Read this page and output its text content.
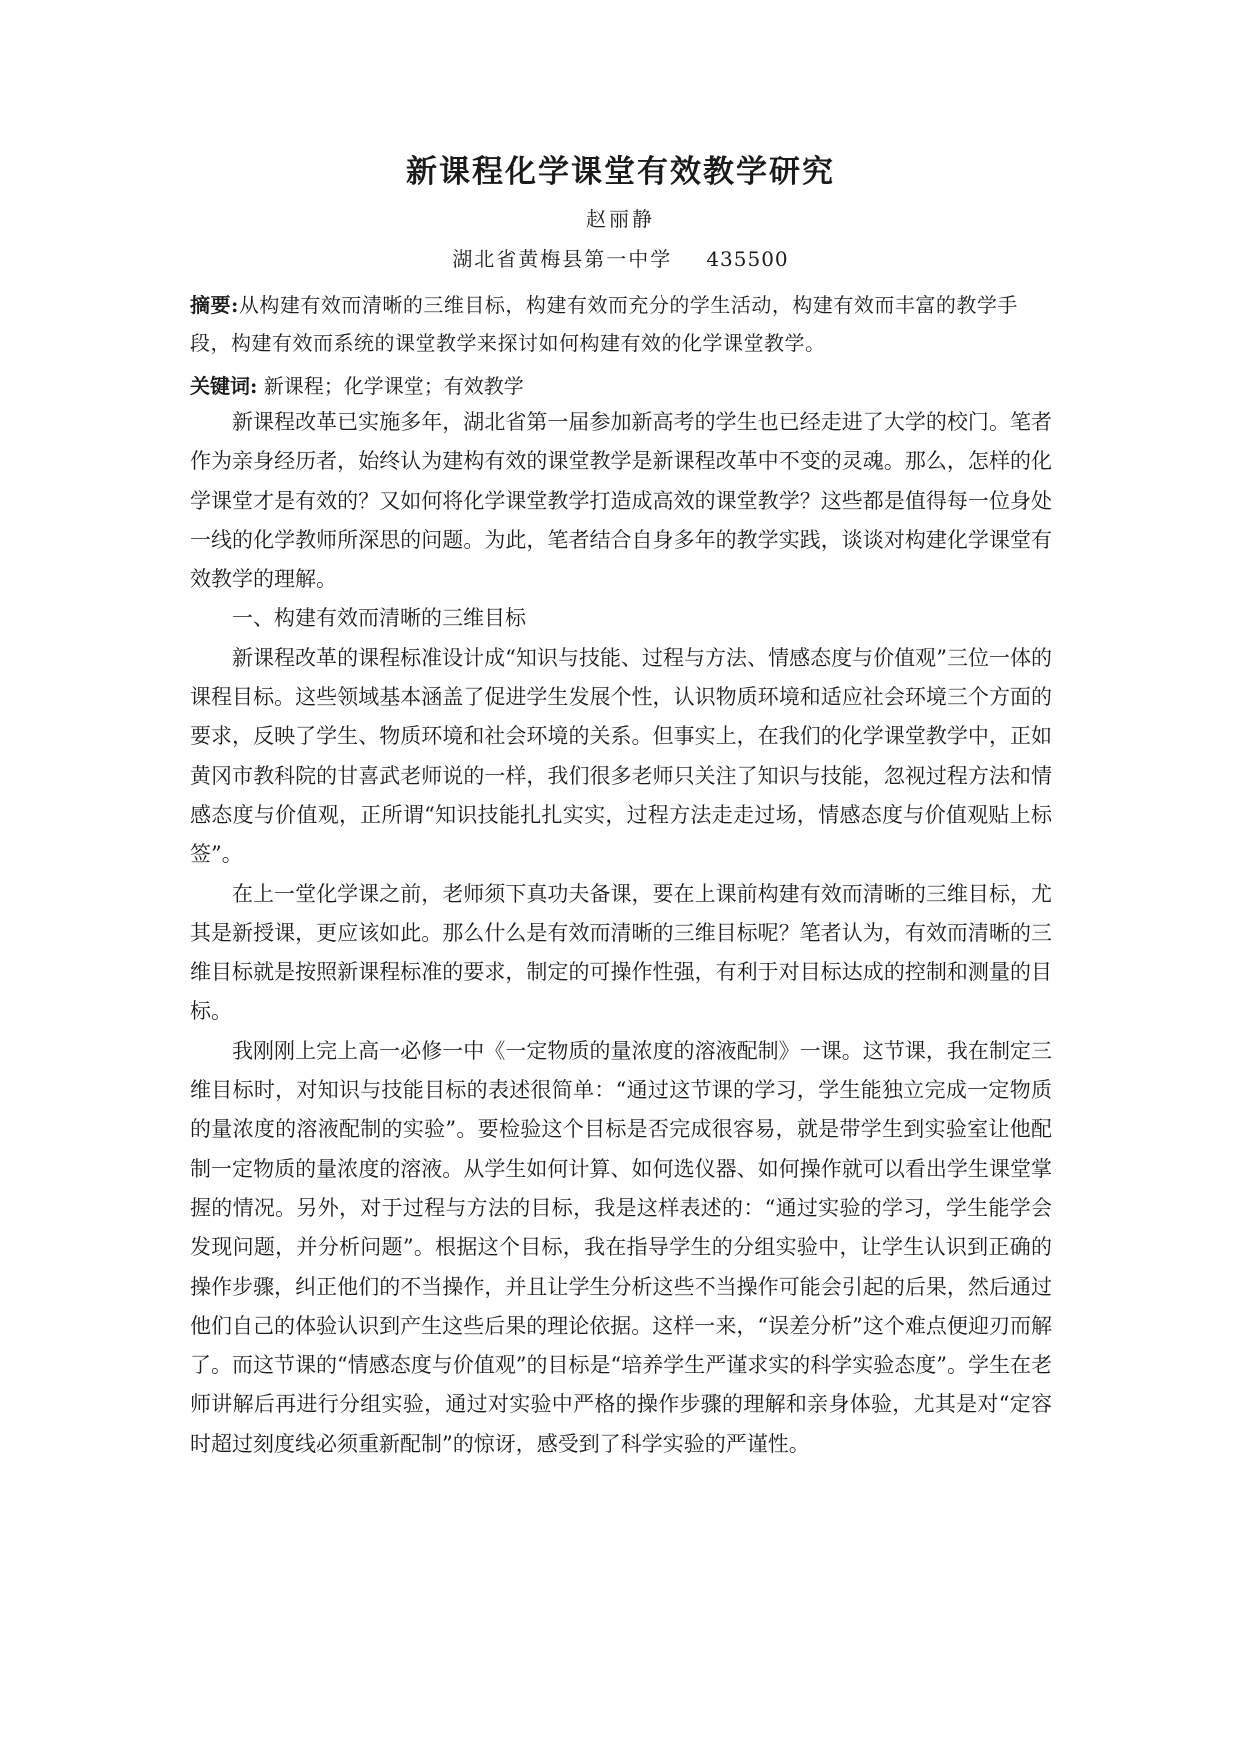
新课程化学课堂有效教学研究
赵丽静
湖北省黄梅县第一中学 435500
摘要:从构建有效而清晰的三维目标，构建有效而充分的学生活动，构建有效而丰富的教学手段，构建有效而系统的课堂教学来探讨如何构建有效的化学课堂教学。
关键词: 新课程；化学课堂；有效教学

新课程改革已实施多年，湖北省第一届参加新高考的学生也已经走进了大学的校门。笔者作为亲身经历者，始终认为建构有效的课堂教学是新课程改革中不变的灵魂。那么，怎样的化学课堂才是有效的？又如何将化学课堂教学打造成高效的课堂教学？这些都是值得每一位身处一线的化学教师所深思的问题。为此，笔者结合自身多年的教学实践，谈谈对构建化学课堂有效教学的理解。

一、构建有效而清晰的三维目标

新课程改革的课程标准设计成“知识与技能、过程与方法、情感态度与价值观”三位一体的课程目标。这些领域基本涵盖了促进学生发展个性，认识物质环境和适应社会环境三个方面的要求，反映了学生、物质环境和社会环境的关系。但事实上，在我们的化学课堂教学中，正如黄冈市教科院的甘喜武老师说的一样，我们很多老师只关注了知识与技能，忽视过程方法和情感态度与价值观，正所谓“知识技能扎扎实实，过程方法走走过场，情感态度与价值观贴上标签”。

在上一堂化学课之前，老师须下真功夫备课，要在上课前构建有效而清晰的三维目标，尤其是新授课，更应该如此。那么什么是有效而清晰的三维目标呢？笔者认为，有效而清晰的三维目标就是按照新课程标准的要求，制定的可操作性强，有利于对目标达成的控制和测量的目标。

我刚刚上完上高一必修一中《一定物质的量浓度的溶液配制》一课。这节课，我在制定三维目标时，对知识与技能目标的表述很简单：“通过这节课的学习，学生能独立完成一定物质的量浓度的溶液配制的实验”。要检验这个目标是否完成很容易，就是带学生到实验室让他配制一定物质的量浓度的溶液。从学生如何计算、如何选仪器、如何操作就可以看出学生课堂掌握的情况。另外，对于过程与方法的目标，我是这样表述的：“通过实验的学习，学生能学会发现问题，并分析问题”。根据这个目标，我在指导学生的分组实验中，让学生认识到正确的操作步骤，纠正他们的不当操作，并且让学生分析这些不当操作可能会引起的后果，然后通过他们自己的体验认识到产生这些后果的理论依据。这样一来，“误差分析”这个难点便迎刃而解了。而这节课的“情感态度与价值观”的目标是“培养学生严谨求实的科学实验态度”。学生在老师讲解后再进行分组实验，通过对实验中严格的操作步骤的理解和亲身体验，尤其是对“定容时超过刻度线必须重新配制”的惊讶，感受到了科学实验的严谨性。
